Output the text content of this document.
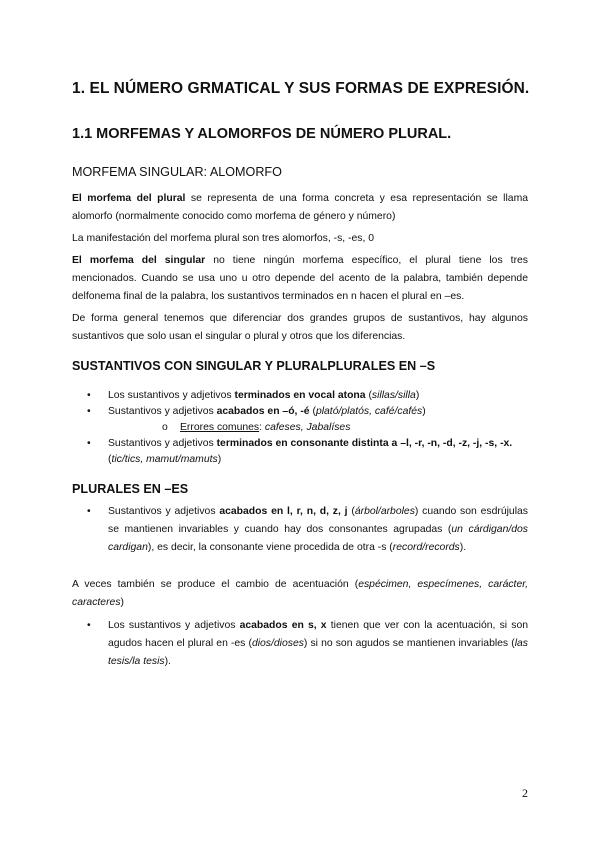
1. EL NÚMERO GRMATICAL Y SUS FORMAS DE EXPRESIÓN.
1.1 MORFEMAS Y ALOMORFOS DE NÚMERO PLURAL.
MORFEMA SINGULAR: ALOMORFO
El morfema del plural se representa de una forma concreta y esa representación se llama alomorfo (normalmente conocido como morfema de género y número)
La manifestación del morfema plural son tres alomorfos, -s, -es, 0
El morfema del singular no tiene ningún morfema específico, el plural tiene los tres mencionados. Cuando se usa uno u otro depende del acento de la palabra, también depende delfonema final de la palabra, los sustantivos terminados en n hacen el plural en –es.
De forma general tenemos que diferenciar dos grandes grupos de sustantivos, hay algunos sustantivos que solo usan el singular o plural y otros que los diferencias.
SUSTANTIVOS CON SINGULAR Y PLURALPLURALES EN –S
• Los sustantivos y adjetivos terminados en vocal atona (sillas/silla)
• Sustantivos y adjetivos acabados en –ó, -é (plató/platós, café/cafés)
o Errores comunes: cafeses, Jabalíses
• Sustantivos y adjetivos terminados en consonante distinta a –l, -r, -n, -d, -z, -j, -s, -x. (tic/tics, mamut/mamuts)
PLURALES EN –ES
• Sustantivos y adjetivos acabados en l, r, n, d, z, j (árbol/arboles) cuando son esdrújulas se mantienen invariables y cuando hay dos consonantes agrupadas (un cárdigan/dos cardigan), es decir, la consonante viene procedida de otra -s (record/records).
A veces también se produce el cambio de acentuación (espécimen, especímenes, carácter, caracteres)
• Los sustantivos y adjetivos acabados en s, x tienen que ver con la acentuación, si son agudos hacen el plural en -es (dios/dioses) si no son agudos se mantienen invariables (las tesis/la tesis).
2
